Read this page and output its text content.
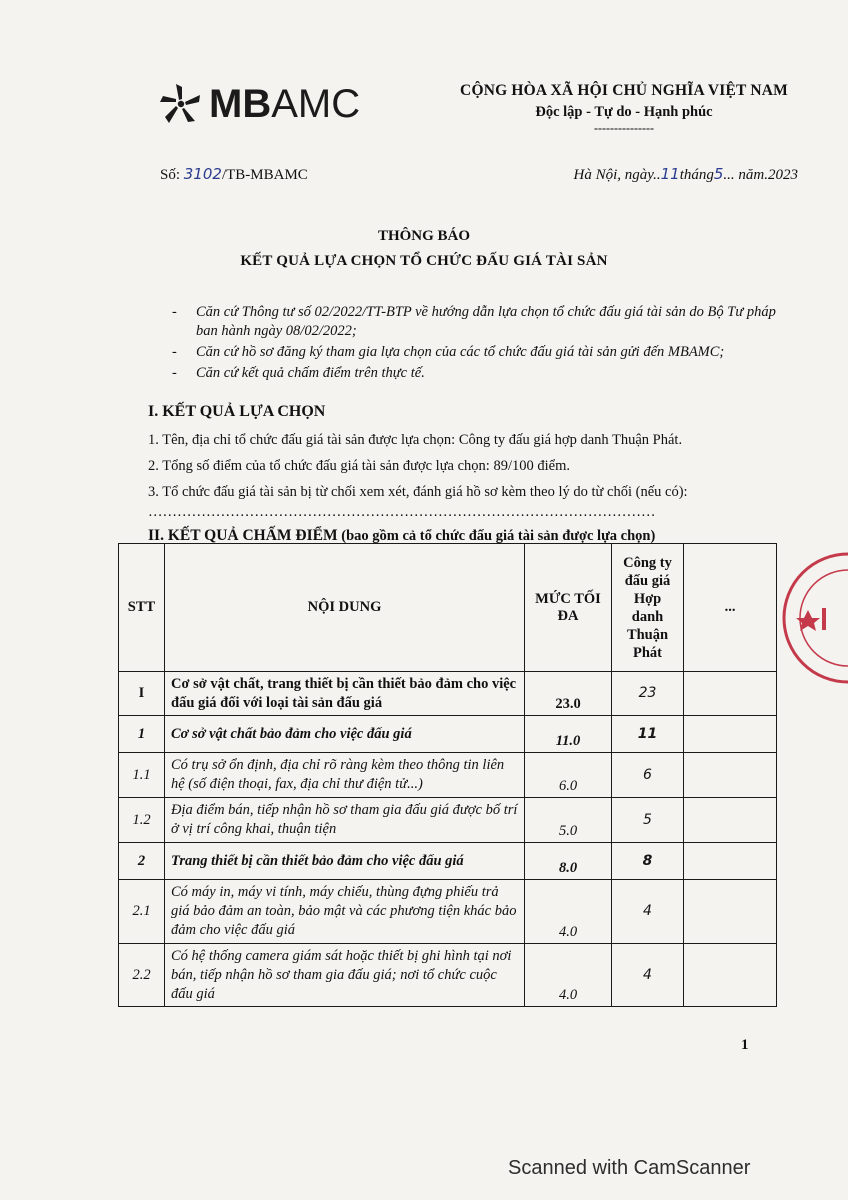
MBAMC	CỘNG HÒA XÃ HỘI CHỦ NGHĨA VIỆT NAM
Độc lập - Tự do - Hạnh phúc
---------------
Số: 3102/TB-MBAMC	Hà Nội, ngày..11tháng5... năm.2023
THÔNG BÁO
KẾT QUẢ LỰA CHỌN TỔ CHỨC ĐẤU GIÁ TÀI SẢN
- Căn cứ Thông tư số 02/2022/TT-BTP về hướng dẫn lựa chọn tổ chức đấu giá tài sản do Bộ Tư pháp ban hành ngày 08/02/2022;
- Căn cứ hồ sơ đăng ký tham gia lựa chọn của các tổ chức đấu giá tài sản gửi đến MBAMC;
- Căn cứ kết quả chấm điểm trên thực tế.
I. KẾT QUẢ LỰA CHỌN
1. Tên, địa chỉ tổ chức đấu giá tài sản được lựa chọn: Công ty đấu giá hợp danh Thuận Phát.
2. Tổng số điểm của tổ chức đấu giá tài sản được lựa chọn: 89/100 điểm.
3. Tổ chức đấu giá tài sản bị từ chối xem xét, đánh giá hồ sơ kèm theo lý do từ chối (nếu có): ……………………………………………………………………………………………
II. KẾT QUẢ CHẤM ĐIỂM (bao gồm cả tổ chức đấu giá tài sản được lựa chọn)
STT	NỘI DUNG	MỨC TỐI ĐA	Công ty đấu giá Hợp danh Thuận Phát	...
I	Cơ sở vật chất, trang thiết bị cần thiết bảo đảm cho việc đấu giá đối với loại tài sản đấu giá	23.0	23	
1	Cơ sở vật chất bảo đảm cho việc đấu giá	11.0	11	
1.1	Có trụ sở ổn định, địa chỉ rõ ràng kèm theo thông tin liên hệ (số điện thoại, fax, địa chỉ thư điện tử...)	6.0	6	
1.2	Địa điểm bán, tiếp nhận hồ sơ tham gia đấu giá được bố trí ở vị trí công khai, thuận tiện	5.0	5	
2	Trang thiết bị cần thiết bảo đảm cho việc đấu giá	8.0	8	
2.1	Có máy in, máy vi tính, máy chiếu, thùng đựng phiếu trả giá bảo đảm an toàn, bảo mật và các phương tiện khác bảo đảm cho việc đấu giá	4.0	4	
2.2	Có hệ thống camera giám sát hoặc thiết bị ghi hình tại nơi bán, tiếp nhận hồ sơ tham gia đấu giá; nơi tổ chức cuộc đấu giá	4.0	4	
1
Scanned with CamScanner
